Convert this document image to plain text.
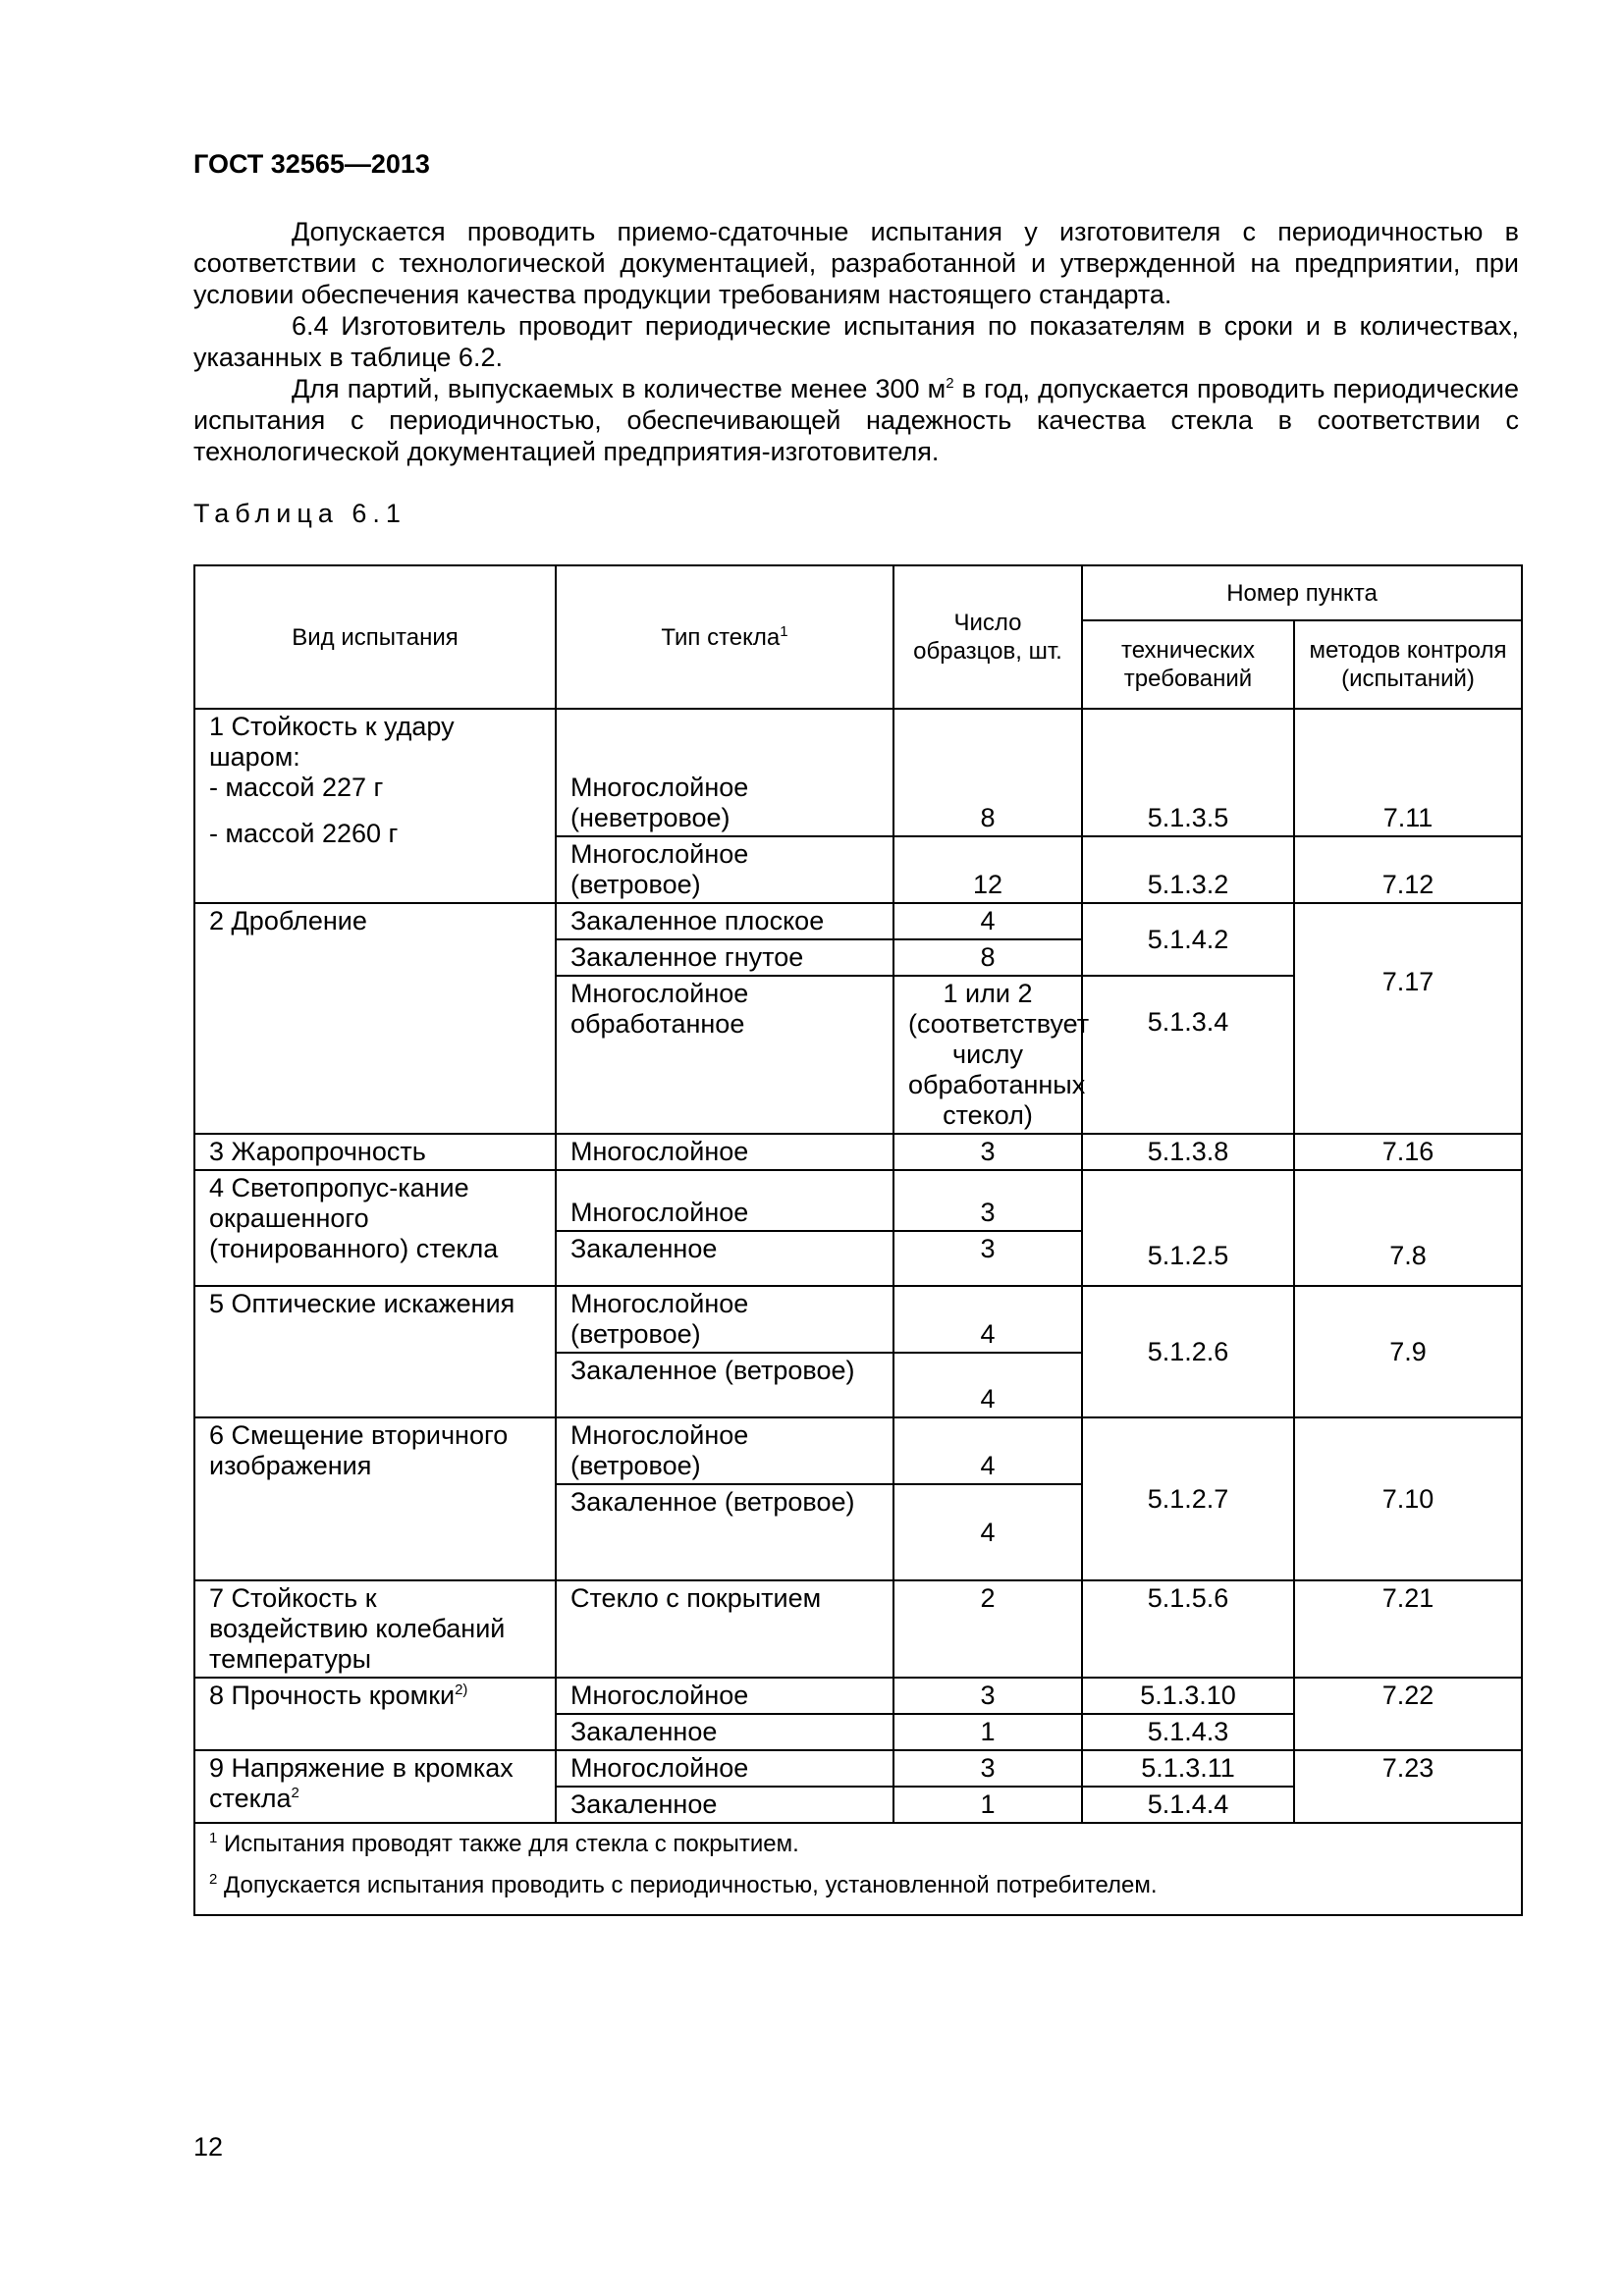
ГОСТ 32565—2013

Допускается проводить приемо-сдаточные испытания у изготовителя с периодичностью в соответствии с технологической документацией, разработанной и утвержденной на предприятии, при условии обеспечения качества продукции требованиям настоящего стандарта.

6.4 Изготовитель проводит периодические испытания по показателям в сроки и в количествах, указанных в таблице 6.2.

Для партий, выпускаемых в количестве менее 300 $м^2$ в год, допускается проводить периодические испытания с периодичностью, обеспечивающей надежность качества стекла в соответствии с технологической документацией предприятия-изготовителя.

Таблица 6.1
Вид испытания	Тип стекла$^1$	Число образцов, шт.	Номер пункта	
			технических требований	методов контроля (испытаний)

1 Стойкость к удару шаром:
- массой 227 г
- массой 2260 г	Многослойное (неветровое)	8	5.1.3.5	7.11
	Многослойное (ветровое)	12	5.1.3.2	7.12
2 Дробление	Закаленное плоское	4	5.1.4.2	7.17
	Закаленное гнутое	8		
	Многослойное обработанное	1 или 2 (соответствует числу обработанных стекол)	5.1.3.4	
3 Жаропрочность	Многослойное	3	5.1.3.8	7.16
4 Светопропус-кание окрашенного (тонированного) стекла	Многослойное	3	5.1.2.5	7.8
	Закаленное	3		
5 Оптические искажения	Многослойное (ветровое)	4	5.1.2.6	7.9
	Закаленное (ветровое)	4		
6 Смещение вторичного изображения	Многослойное (ветровое)	4	5.1.2.7	7.10
	Закаленное (ветровое)	4		
7 Стойкость к воздействию колебаний температуры	Стекло с покрытием	2	5.1.5.6	7.21
8 Прочность кромки$^{2)}$	Многослойное	3	5.1.3.10	7.22
	Закаленное	1	5.1.4.3	
9 Напряжение в кромках стекла$^2$	Многослойное	3	5.1.3.11	7.23
	Закаленное	1	5.1.4.4	

$^1$ Испытания проводят также для стекла с покрытием.
$^2$ Допускается испытания проводить с периодичностью, установленной потребителем.				
12
